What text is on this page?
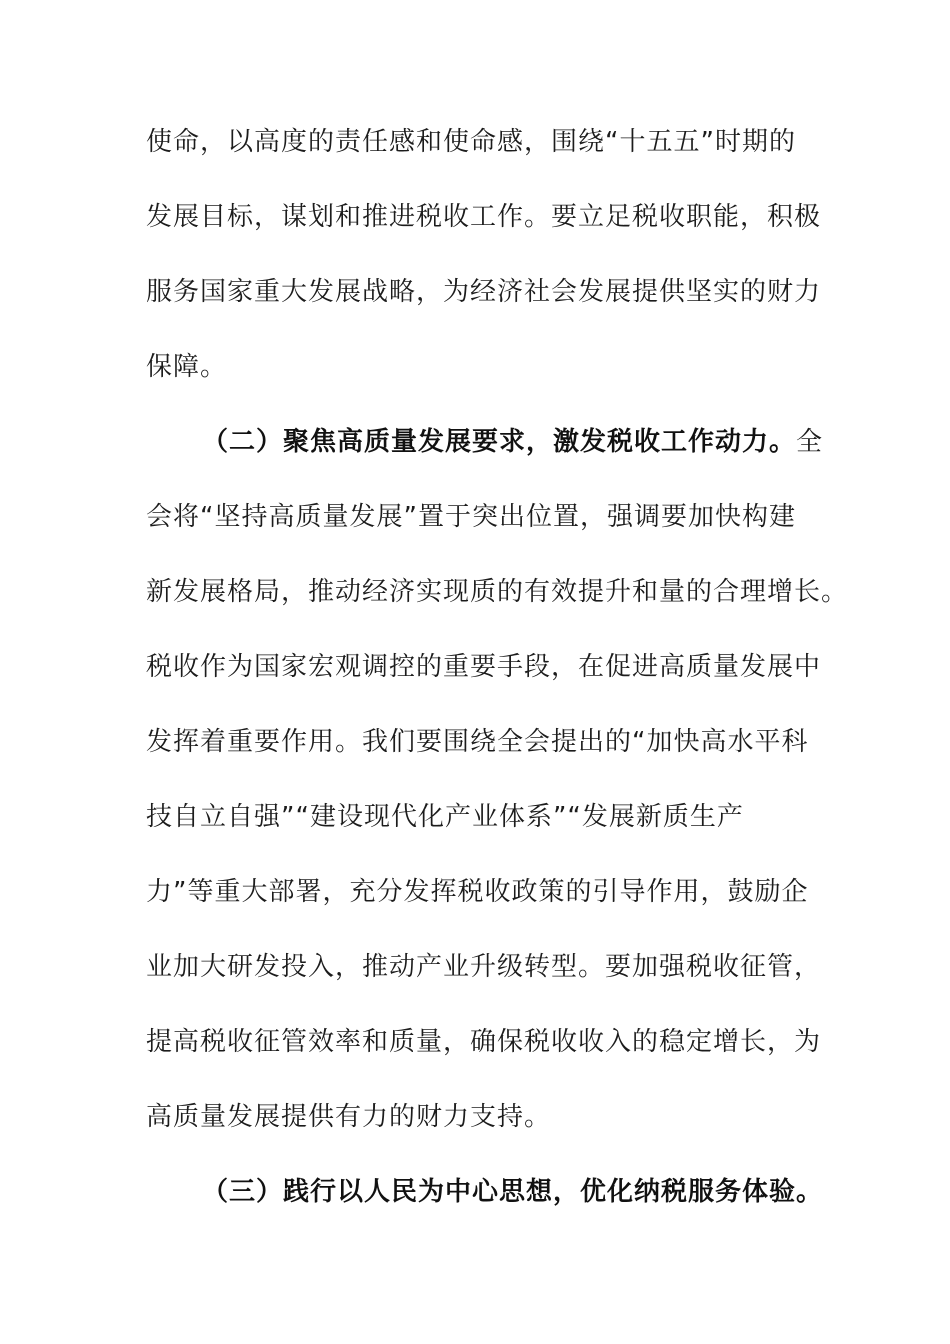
使命，以高度的责任感和使命感，围绕“十五五”时期的
发展目标，谋划和推进税收工作。要立足税收职能，积极
服务国家重大发展战略，为经济社会发展提供坚实的财力
保障。
（二）聚焦高质量发展要求，激发税收工作动力。全
会将“坚持高质量发展”置于突出位置，强调要加快构建
新发展格局，推动经济实现质的有效提升和量的合理增长。
税收作为国家宏观调控的重要手段，在促进高质量发展中
发挥着重要作用。我们要围绕全会提出的“加快高水平科
技自立自强”“建设现代化产业体系”“发展新质生产
力”等重大部署，充分发挥税收政策的引导作用，鼓励企
业加大研发投入，推动产业升级转型。要加强税收征管，
提高税收征管效率和质量，确保税收收入的稳定增长，为
高质量发展提供有力的财力支持。
（三）践行以人民为中心思想，优化纳税服务体验。
